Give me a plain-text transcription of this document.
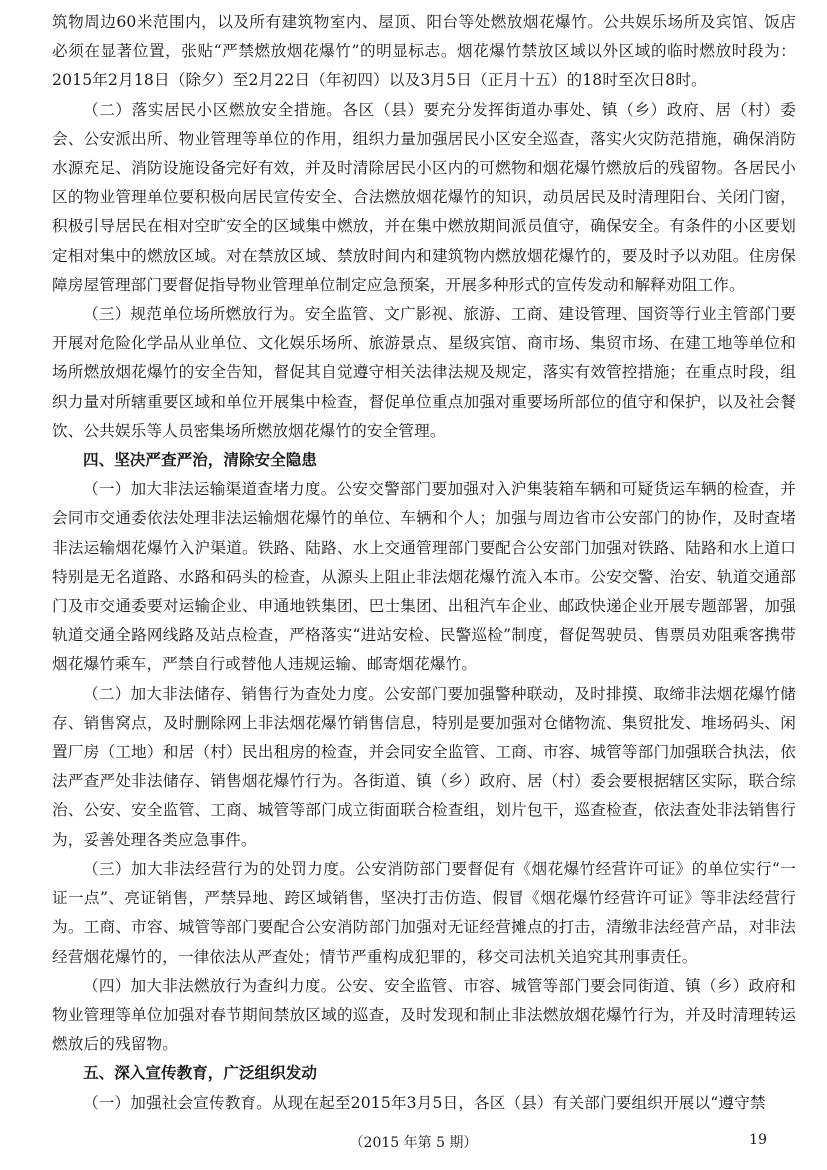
筑物周边60米范围内，以及所有建筑物室内、屋顶、阳台等处燃放烟花爆竹。公共娱乐场所及宾馆、饭店必须在显著位置，张贴“严禁燃放烟花爆竹”的明显标志。烟花爆竹禁放区域以外区域的临时燃放时段为：2015年2月18日（除夕）至2月22日（年初四）以及3月5日（正月十五）的18时至次日8时。

（二）落实居民小区燃放安全措施。各区（县）要充分发挥街道办事处、镇（乡）政府、居（村）委会、公安派出所、物业管理等单位的作用，组织力量加强居民小区安全巡查，落实火灾防范措施，确保消防水源充足、消防设施设备完好有效，并及时清除居民小区内的可燃物和烟花爆竹燃放后的残留物。各居民小区的物业管理单位要积极向居民宣传安全、合法燃放烟花爆竹的知识，动员居民及时清理阳台、关闭门窗，积极引导居民在相对空旷安全的区域集中燃放，并在集中燃放期间派员值守，确保安全。有条件的小区要划定相对集中的燃放区域。对在禁放区域、禁放时间内和建筑物内燃放烟花爆竹的，要及时予以劝阻。住房保障房屋管理部门要督促指导物业管理单位制定应急预案，开展多种形式的宣传发动和解释劝阻工作。

（三）规范单位场所燃放行为。安全监管、文广影视、旅游、工商、建设管理、国资等行业主管部门要开展对危险化学品从业单位、文化娱乐场所、旅游景点、星级宾馆、商市场、集贸市场、在建工地等单位和场所燃放烟花爆竹的安全告知，督促其自觉遵守相关法律法规及规定，落实有效管控措施；在重点时段，组织力量对所辖重要区域和单位开展集中检查，督促单位重点加强对重要场所部位的值守和保护，以及社会餐饮、公共娱乐等人员密集场所燃放烟花爆竹的安全管理。

四、坚决严查严治，清除安全隐患

（一）加大非法运输渠道查堵力度。公安交警部门要加强对入沪集装箱车辆和可疑货运车辆的检查，并会同市交通委依法处理非法运输烟花爆竹的单位、车辆和个人；加强与周边省市公安部门的协作，及时查堵非法运输烟花爆竹入沪渠道。铁路、陆路、水上交通管理部门要配合公安部门加强对铁路、陆路和水上道口特别是无名道路、水路和码头的检查，从源头上阻止非法烟花爆竹流入本市。公安交警、治安、轨道交通部门及市交通委要对运输企业、申通地铁集团、巴士集团、出租汽车企业、邮政快递企业开展专题部署，加强轨道交通全路网线路及站点检查，严格落实“进站安检、民警巡检”制度，督促驾驶员、售票员劝阻乘客携带烟花爆竹乘车，严禁自行或替他人违规运输、邮寄烟花爆竹。

（二）加大非法储存、销售行为查处力度。公安部门要加强警种联动，及时排摸、取缔非法烟花爆竹储存、销售窝点，及时删除网上非法烟花爆竹销售信息，特别是要加强对仓储物流、集贸批发、堆场码头、闲置厂房（工地）和居（村）民出租房的检查，并会同安全监管、工商、市容、城管等部门加强联合执法，依法严查严处非法储存、销售烟花爆竹行为。各街道、镇（乡）政府、居（村）委会要根据辖区实际，联合综治、公安、安全监管、工商、城管等部门成立街面联合检查组，划片包干，巡查检查，依法查处非法销售行为，妥善处理各类应急事件。

（三）加大非法经营行为的处罚力度。公安消防部门要督促有《烟花爆竹经营许可证》的单位实行“一证一点”、亮证销售，严禁异地、跨区域销售，坚决打击仿造、假冒《烟花爆竹经营许可证》等非法经营行为。工商、市容、城管等部门要配合公安消防部门加强对无证经营摊点的打击，清缴非法经营产品，对非法经营烟花爆竹的，一律依法从严查处；情节严重构成犯罪的，移交司法机关追究其刑事责任。

（四）加大非法燃放行为查纠力度。公安、安全监管、市容、城管等部门要会同街道、镇（乡）政府和物业管理等单位加强对春节期间禁放区域的巡查，及时发现和制止非法燃放烟花爆竹行为，并及时清理转运燃放后的残留物。

五、深入宣传教育，广泛组织发动

（一）加强社会宣传教育。从现在起至2015年3月5日，各区（县）有关部门要组织开展以“遵守禁

（2015 年第 5 期）	19
